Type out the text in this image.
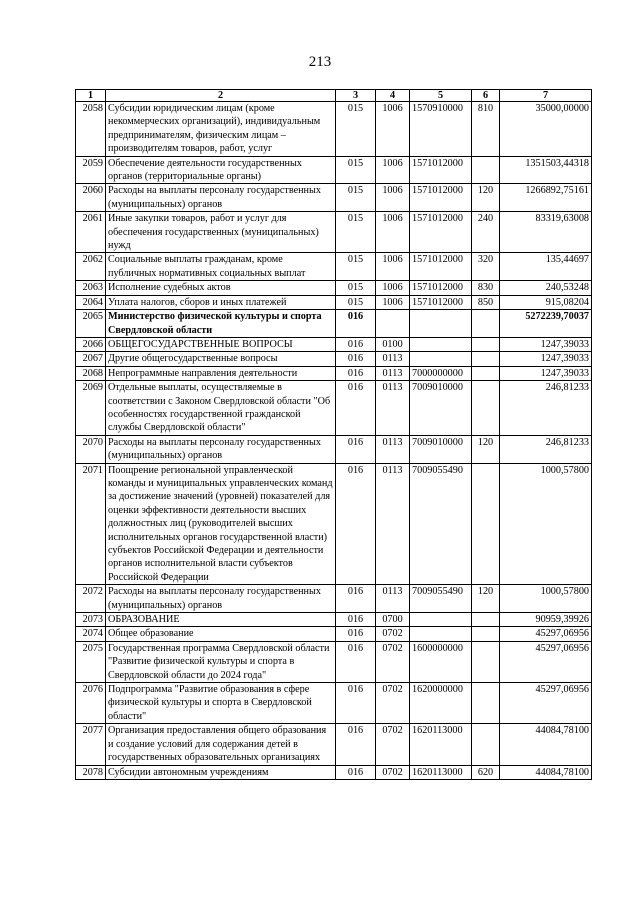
213
1	2	3	4	5	6	7
2058	Субсидии юридическим лицам (кроме некоммерческих организаций), индивидуальным предпринимателям, физическим лицам – производителям товаров, работ, услуг	015	1006	1570910000	810	35000,00000
2059	Обеспечение деятельности государственных органов (территориальные органы)	015	1006	1571012000		1351503,44318
2060	Расходы на выплаты персоналу государственных (муниципальных) органов	015	1006	1571012000	120	1266892,75161
2061	Иные закупки товаров, работ и услуг для обеспечения государственных (муниципальных) нужд	015	1006	1571012000	240	83319,63008
2062	Социальные выплаты гражданам, кроме публичных нормативных социальных выплат	015	1006	1571012000	320	135,44697
2063	Исполнение судебных актов	015	1006	1571012000	830	240,53248
2064	Уплата налогов, сборов и иных платежей	015	1006	1571012000	850	915,08204
2065	Министерство физической культуры и спорта Свердловской области	016				5272239,70037
2066	ОБЩЕГОСУДАРСТВЕННЫЕ ВОПРОСЫ	016	0100			1247,39033
2067	Другие общегосударственные вопросы	016	0113			1247,39033
2068	Непрограммные направления деятельности	016	0113	7000000000		1247,39033
2069	Отдельные выплаты, осуществляемые в соответствии с Законом Свердловской области "Об особенностях государственной гражданской службы Свердловской области"	016	0113	7009010000		246,81233
2070	Расходы на выплаты персоналу государственных (муниципальных) органов	016	0113	7009010000	120	246,81233
2071	Поощрение региональной управленческой команды и муниципальных управленческих команд за достижение значений (уровней) показателей для оценки эффективности деятельности высших должностных лиц (руководителей высших исполнительных органов государственной власти) субъектов Российской Федерации и деятельности органов исполнительной власти субъектов Российской Федерации	016	0113	7009055490		1000,57800
2072	Расходы на выплаты персоналу государственных (муниципальных) органов	016	0113	7009055490	120	1000,57800
2073	ОБРАЗОВАНИЕ	016	0700			90959,39926
2074	Общее образование	016	0702			45297,06956
2075	Государственная программа Свердловской области "Развитие физической культуры и спорта в Свердловской области до 2024 года"	016	0702	1600000000		45297,06956
2076	Подпрограмма "Развитие образования в сфере физической культуры и спорта в Свердловской области"	016	0702	1620000000		45297,06956
2077	Организация предоставления общего образования и создание условий для содержания детей в государственных образовательных организациях	016	0702	1620113000		44084,78100
2078	Субсидии автономным учреждениям	016	0702	1620113000	620	44084,78100
